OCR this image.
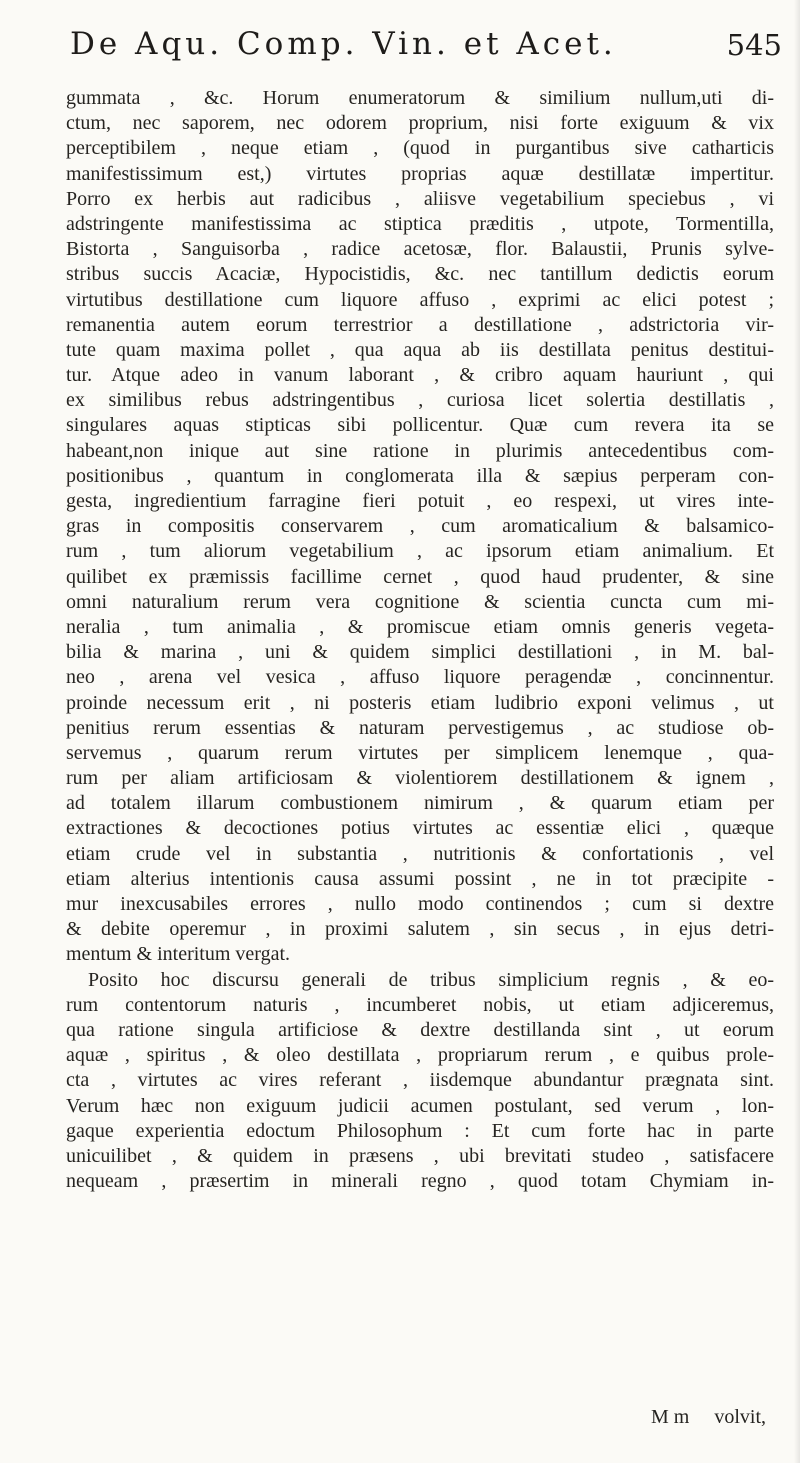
De Aqu. Comp. Vin. et Acet.	545
gummata , &c. Horum enumeratorum & similium nullum,uti di-
ctum, nec saporem, nec odorem proprium, nisi forte exiguum & vix
perceptibilem , neque etiam , (quod in purgantibus sive catharticis
manifestissimum est,) virtutes proprias aquæ destillatæ impertitur.
Porro ex herbis aut radicibus , aliisve vegetabilium speciebus , vi
adstringente manifestissima ac stiptica præditis , utpote, Tormentilla,
Bistorta , Sanguisorba , radice acetosæ, flor. Balaustii, Prunis sylve-
stribus succis Acaciæ, Hypocistidis, &c. nec tantillum dedictis eorum
virtutibus destillatione cum liquore affuso , exprimi ac elici potest ;
remanentia autem eorum terrestrior a destillatione , adstrictoria vir-
tute quam maxima pollet , qua aqua ab iis destillata penitus destitui-
tur. Atque adeo in vanum laborant , & cribro aquam hauriunt , qui
ex similibus rebus adstringentibus , curiosa licet solertia destillatis ,
singulares aquas stipticas sibi pollicentur. Quæ cum revera ita se
habeant,non inique aut sine ratione in plurimis antecedentibus com-
positionibus , quantum in conglomerata illa & sæpius perperam con-
gesta, ingredientium farragine fieri potuit , eo respexi, ut vires inte-
gras in compositis conservarem , cum aromaticalium & balsamico-
rum , tum aliorum vegetabilium , ac ipsorum etiam animalium. Et
quilibet ex præmissis facillime cernet , quod haud prudenter, & sine
omni naturalium rerum vera cognitione & scientia cuncta cum mi-
neralia , tum animalia , & promiscue etiam omnis generis vegeta-
bilia & marina , uni & quidem simplici destillationi , in M. bal-
neo , arena vel vesica , affuso liquore peragendæ , concinnentur.
proinde necessum erit , ni posteris etiam ludibrio exponi velimus , ut
penitius rerum essentias & naturam pervestigemus , ac studiose ob-
servemus , quarum rerum virtutes per simplicem lenemque , qua-
rum per aliam artificiosam & violentiorem destillationem & ignem ,
ad totalem illarum combustionem nimirum , & quarum etiam per
extractiones & decoctiones potius virtutes ac essentiæ elici , quæque
etiam crude vel in substantia , nutritionis & confortationis , vel
etiam alterius intentionis causa assumi possint , ne in tot præcipite -
mur inexcusabiles errores , nullo modo continendos ; cum si dextre
& debite operemur , in proximi salutem , sin secus , in ejus detri-
mentum & interitum vergat.
Posito hoc discursu generali de tribus simplicium regnis , & eo-
rum contentorum naturis , incumberet nobis, ut etiam adjiceremus,
qua ratione singula artificiose & dextre destillanda sint , ut eorum
aquæ , spiritus , & oleo destillata , propriarum rerum , e quibus prole-
cta , virtutes ac vires referant , iisdemque abundantur prægnata sint.
Verum hæc non exiguum judicii acumen postulant, sed verum , lon-
gaque experientia edoctum Philosophum : Et cum forte hac in parte
unicuilibet , & quidem in præsens , ubi brevitati studeo , satisfacere
nequeam , præsertim in minerali regno , quod totam Chymiam in-
M m volvit,
